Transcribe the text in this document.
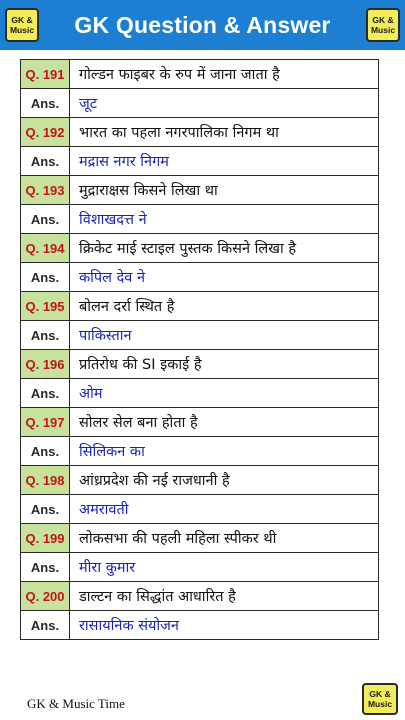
GK &
Music GK Question & Answer	GK &
Music
Q. 191 गोल्डन फाइबर के रुप में जाना जाता है
Ans.	जूट
Q. 192 भारत का पहला नगरपालिका निगम था
Ans.	मद्रास नगर निगम
Q. 193 मुद्राराक्षस किसने लिखा था
Ans.	विशाखदत्त ने
Q. 194 क्रिकेट माई स्टाइल पुस्तक किसने लिखा है
Ans.	कपिल देव ने
Q. 195 बोलन दर्रा स्थित है
Ans.	पाकिस्तान
Q. 196 प्रतिरोध की SI इकाई है
Ans.	ओम
Q. 197 सोलर सेल बना होता है
Ans.	सिलिकन का
Q. 198 आंध्रप्रदेश की नई राजधानी है
Ans.	अमरावती
Q. 199 लोकसभा की पहली महिला स्पीकर थी
Ans.	मीरा कुमार
Q. 200 डाल्टन का सिद्धांत आधारित है
Ans.	रासायनिक संयोजन
GK & Music Time
GK &
Music
